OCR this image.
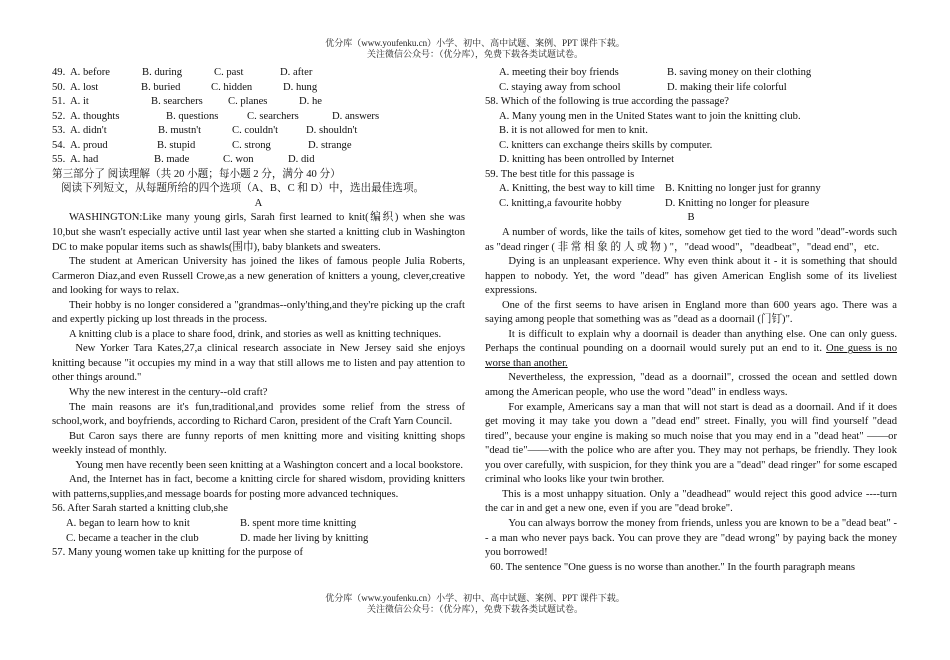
优分库（www.youfenku.cn）小学、初中、高中试题、案例、PPT 课件下载。
关注微信公众号：（优分库），免费下载各类试题试卷。
49. A. before	B. during	C. past	D. after
50. A. lost	B. buried	C. hidden	D. hung
51. A. it	B. searchers C. planes	D. he
52. A. thoughts	B. questions	C. searchers	D. answers
53. A. didn't	B. mustn't	C. couldn't	D. shouldn't
54. A. proud	B. stupid	C. strong	D. strange
55. A. had	B. made	C. won	D. did
第三部分了 阅读理解（共 20 小题；每小题 2 分，满分 40 分）
阅读下列短文，从每题所给的四个选项（A、B、C 和 D）中，选出最佳选项。
A
WASHINGTON:Like many young girls, Sarah first learned to knit(编织) when she was 10,but she wasn't especially active until last year when she started a knitting club in Washington DC to make popular items such as shawls(围巾), baby blankets and sweaters.
The student at American University has joined the likes of famous people Julia Roberts, Carmeron Diaz,and even Russell Crowe,as a new generation of knitters a young, clever,creative and looking for ways to relax.
Their hobby is no longer considered a "grandmas--only'thing,and they're picking up the craft and expertly picking up lost threads in the process.
A knitting club is a place to share food, drink, and stories as well as knitting techniques.
New Yorker Tara Kates,27,a clinical research associate in New Jersey said she enjoys knitting because "it occupies my mind in a way that still allows me to listen and pay attention to other things around."
Why the new interest in the century--old craft?
The main reasons are it's fun,traditional,and provides some relief from the stress of school,work, and boyfriends, according to Richard Caron, president of the Craft Yarn Council.
But Caron says there are funny reports of men knitting more and visiting knitting shops weekly instead of monthly.
Young men have recently been seen knitting at a Washington concert and a local bookstore.
And, the Internet has in fact, become a knitting circle for shared wisdom, providing knitters with patterns,supplies,and message boards for posting more advanced techniques.
56. After Sarah started a knitting club,she
A. began to learn how to knit	B. spent more time knitting
C. became a teacher in the club	D. made her living by knitting
57. Many young women take up knitting for the purpose of
A. meeting their boy friends	B. saving money on their clothing
C. staying away from school	D. making their life colorful
58. Which of the following is true according the passage?
A. Many young men in the United States want to join the knitting club.
B. it is not allowed for men to knit.
C. knitters can exchange theirs skills by computer.
D. knitting has been ontrolled by Internet
59. The best title for this passage is
A. Knitting, the best way to kill time B. Knitting no longer just for granny
C. knitting,a favourite hobby	D. Knitting no longer for pleasure
B
A number of words, like the tails of kites, somehow get tied to the word "dead"-words such as "dead ringer ( 非 常 相 象 的 人 或 物 ) "，"dead wood"，"deadbeat"，"dead end"，etc.
Dying is an unpleasant experience. Why even think about it - it is something that should happen to nobody. Yet, the word "dead" has given American English some of its liveliest expressions.
One of the first seems to have arisen in England more than 600 years ago. There was a saying among people that something was as "dead as a doornail (门钉)".
It is difficult to explain why a doornail is deader than anything else. One can only guess. Perhaps the continual pounding on a doornail would surely put an end to it. One guess is no worse than another.
Nevertheless, the expression, "dead as a doornail", crossed the ocean and settled down among the American people, who use the word "dead" in endless ways.
For example, Americans say a man that will not start is dead as a doornail. And if it does get moving it may take you down a "dead end" street. Finally, you will find yourself "dead tired", because your engine is making so much noise that you may end in a "dead heat" ——or "dead tie"——with the police who are after you. They may not perhaps, be friendly. They look you over carefully, with suspicion, for they think you are a "dead" dead ringer" for some escaped criminal who looks like your twin brother.
This is a most unhappy situation. Only a "deadhead" would reject this good advice ----turn the car in and get a new one, even if you are "dead broke".
You can always borrow the money from friends, unless you are known to be a "dead beat" -- a man who never pays back. You can prove they are "dead wrong" by paying back the money you borrowed!
60. The sentence "One guess is no worse than another." In the fourth paragraph means
优分库（www.youfenku.cn）小学、初中、高中试题、案例、PPT 课件下载。
关注微信公众号：（优分库），免费下载各类试题试卷。
